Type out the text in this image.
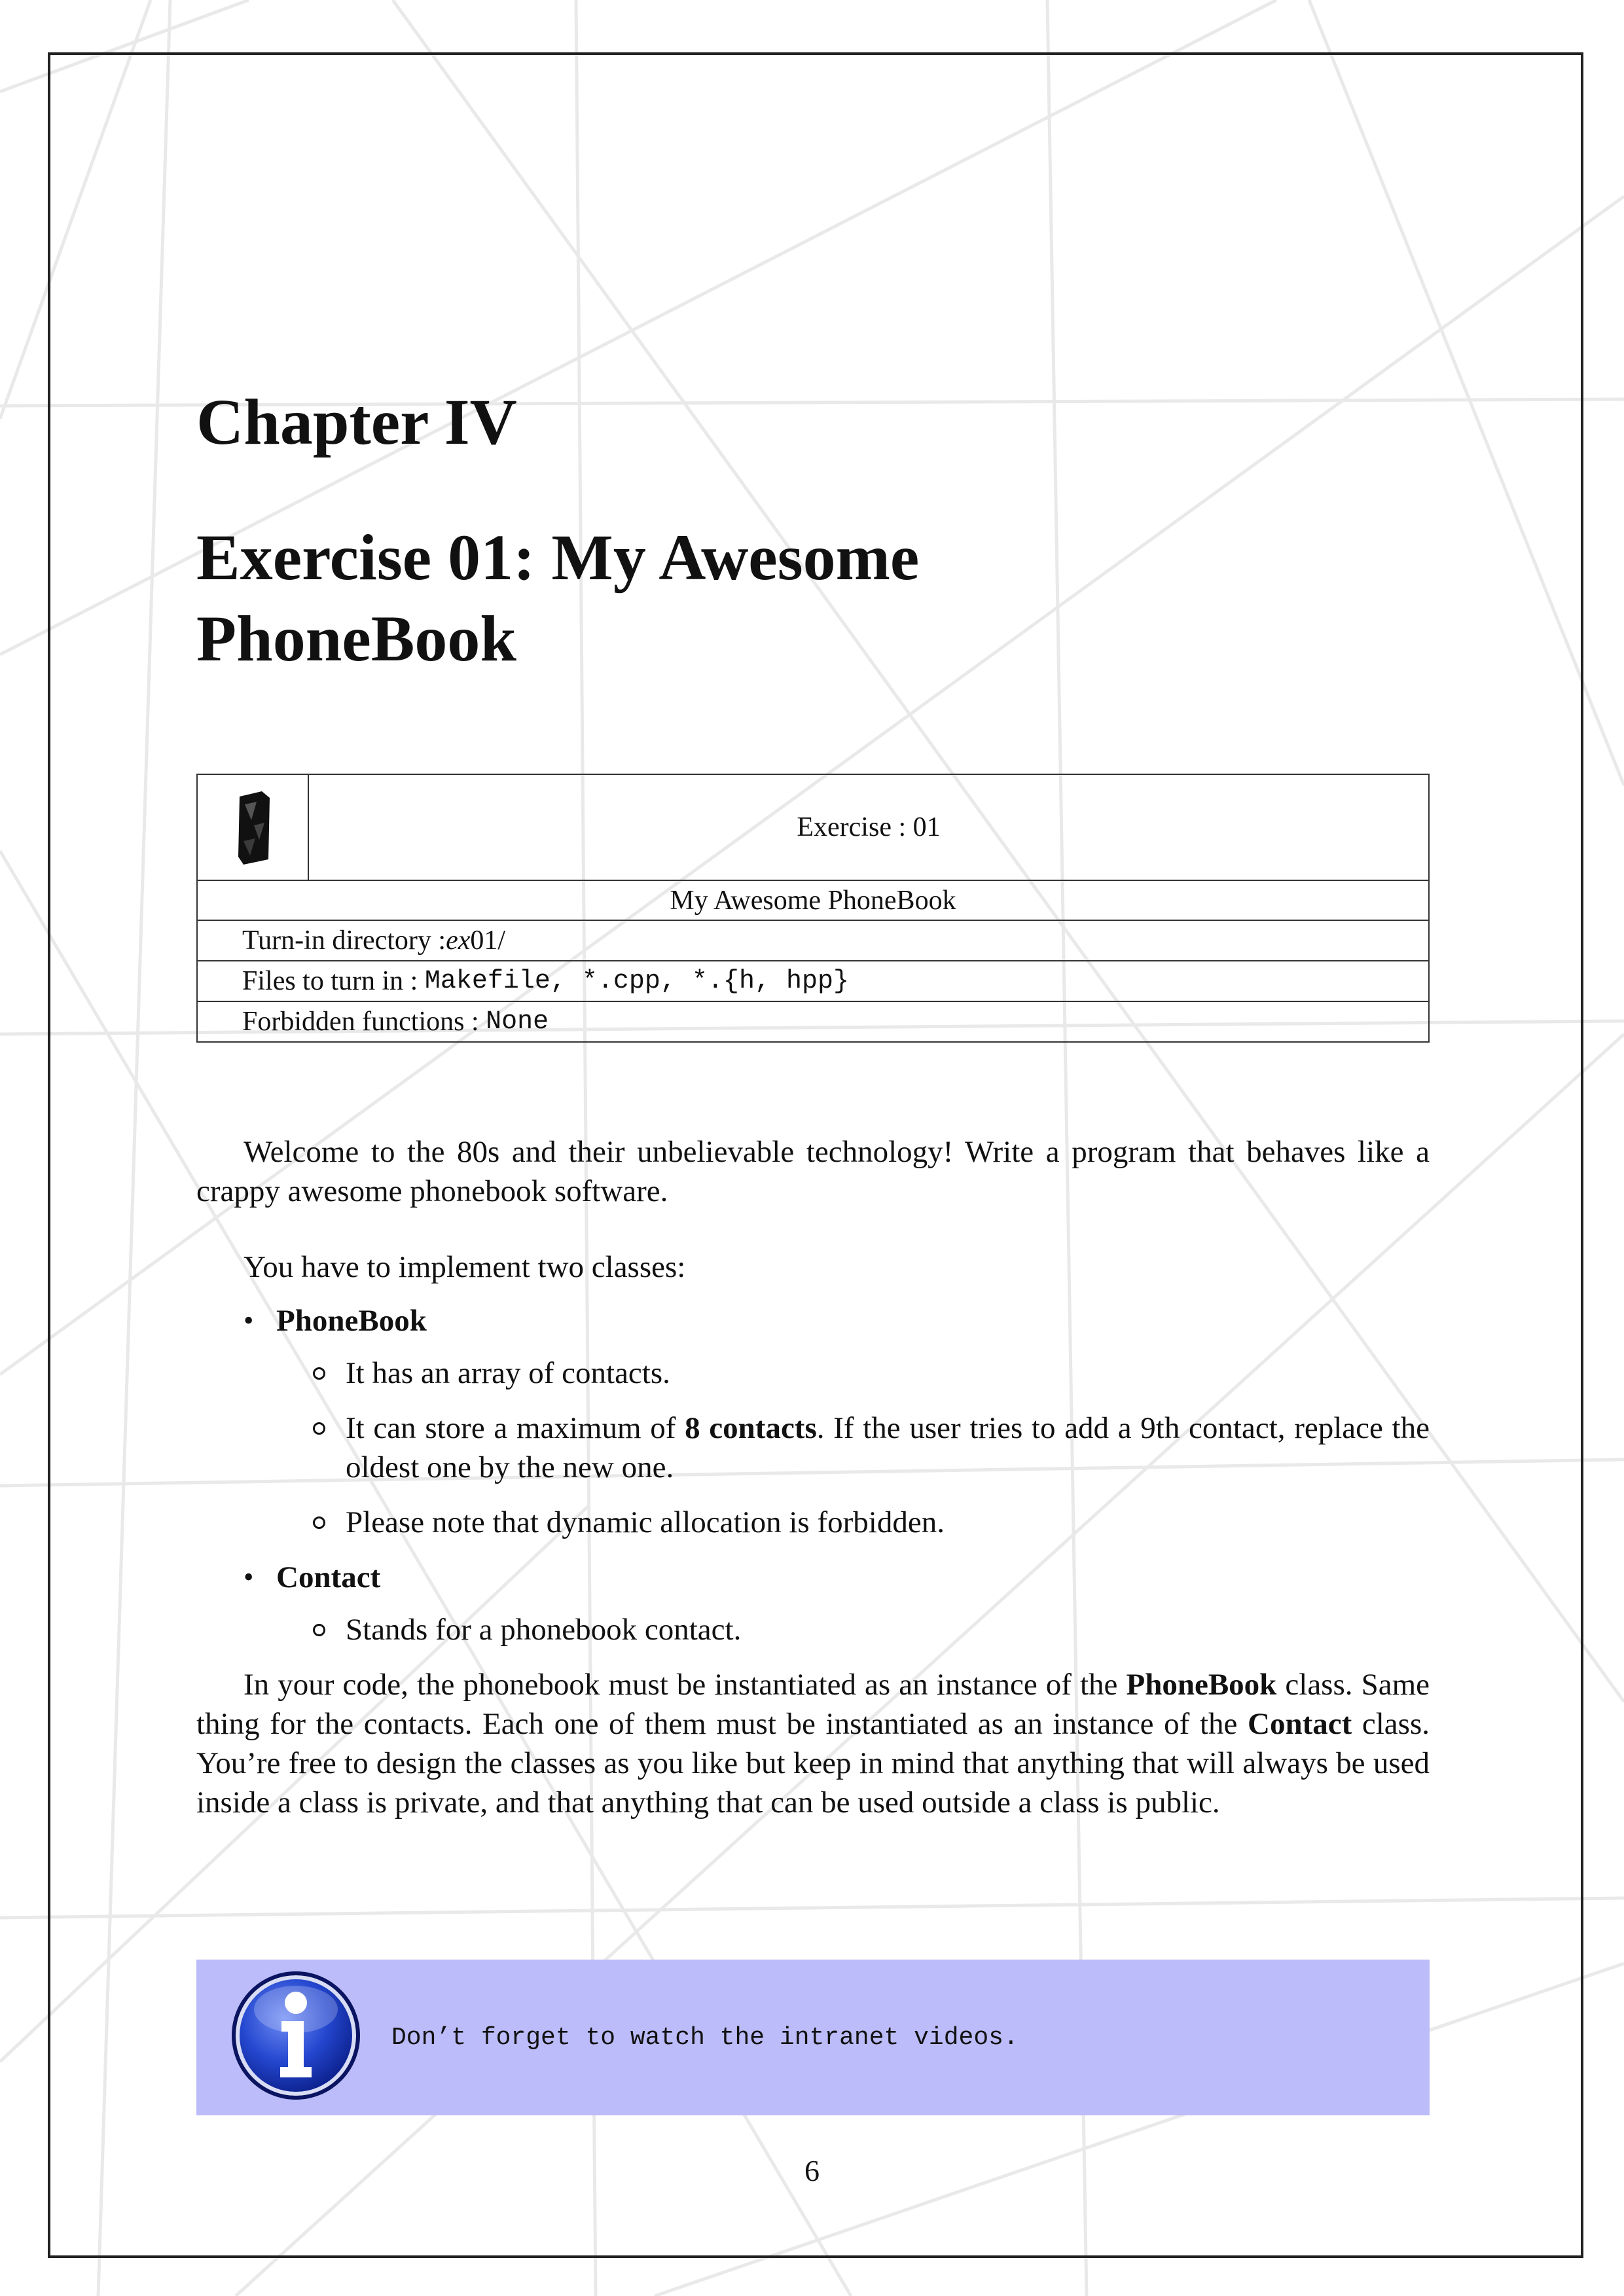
Chapter IV
Exercise 01: My Awesome PhoneBook
Exercise : 01
My Awesome PhoneBook
Turn-in directory : ex 01/
Files to turn in :
Makefile, *.cpp, *.{h, hpp}
Forbidden functions :
None

Welcome to the 80s and their unbelievable technology! Write a program that behaves like a crappy awesome phonebook software.

You have to implement two classes:

• PhoneBook
It has an array of contacts.
It can store a maximum of 8 contacts. If the user tries to add a 9th contact, replace the oldest one by the new one.
Please note that dynamic allocation is forbidden.
• Contact
Stands for a phonebook contact.

In your code, the phonebook must be instantiated as an instance of the PhoneBook class. Same thing for the contacts. Each one of them must be instantiated as an instance of the Contact class. You’re free to design the classes as you like but keep in mind that anything that will always be used inside a class is private, and that anything that can be used outside a class is public.

Don’t forget to watch the intranet videos.
6
